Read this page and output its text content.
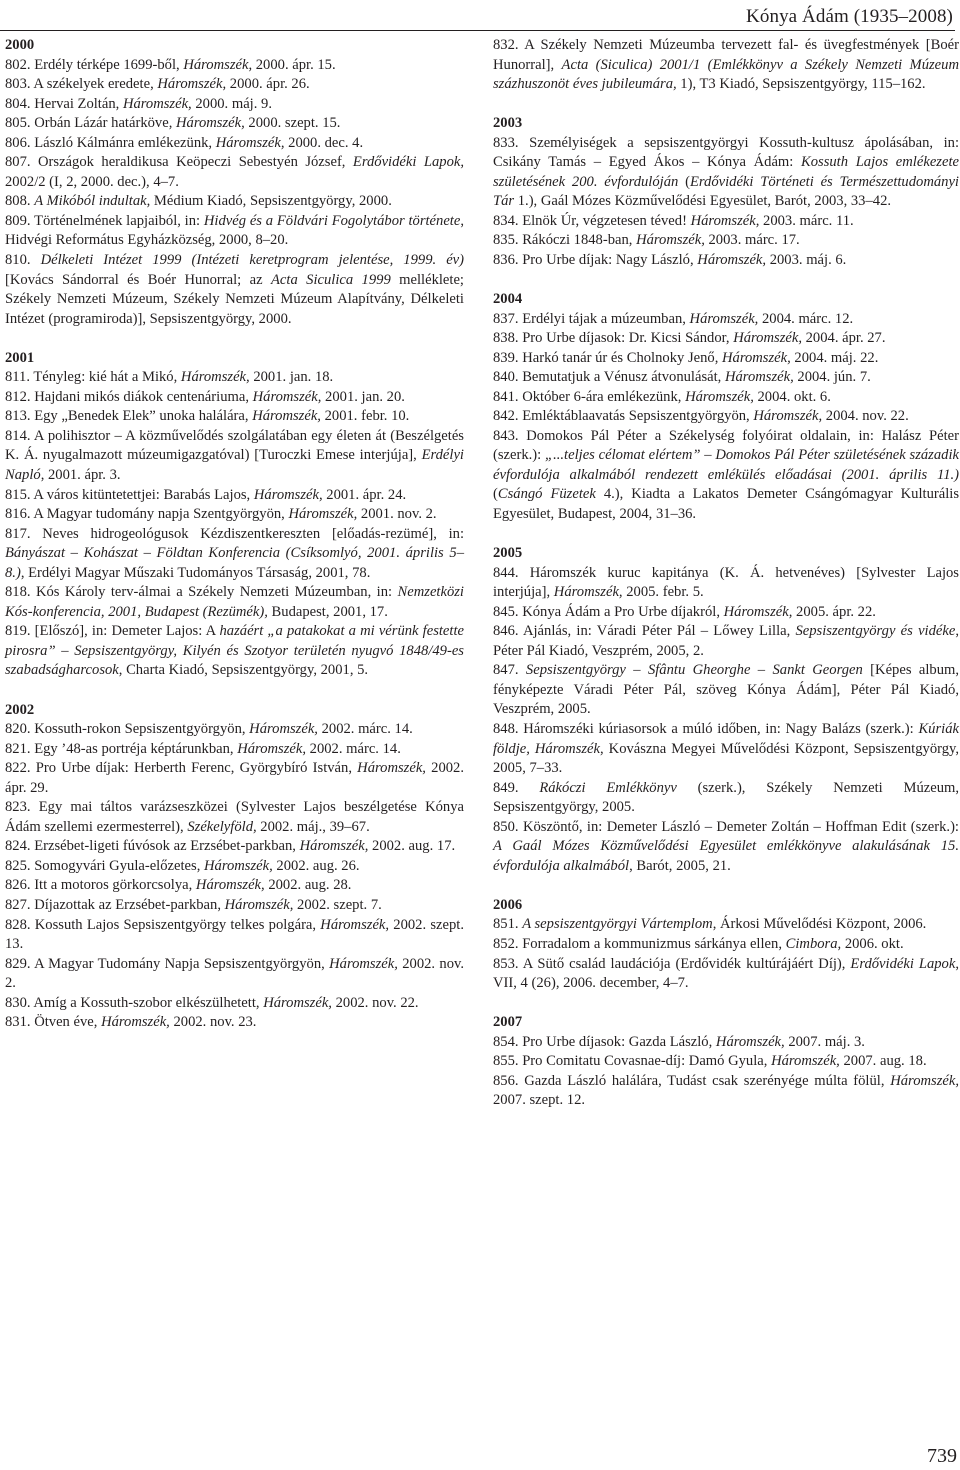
Kónya Ádám (1935–2008)
2000

802. Erdély térképe 1699-ből, Háromszék, 2000. ápr. 15.

803. A székelyek eredete, Háromszék, 2000. ápr. 26.

804. Hervai Zoltán, Háromszék, 2000. máj. 9.

805. Orbán Lázár határköve, Háromszék, 2000. szept. 15.

806. László Kálmánra emlékezünk, Háromszék, 2000. dec. 4.

807. Országok heraldikusa Keöpeczi Sebestyén József, Erdővidéki Lapok, 2002/2 (I, 2, 2000. dec.), 4–7.

808. A Mikóból indultak, Médium Kiadó, Sepsiszentgyörgy, 2000.

809. Történelmének lapjaiból, in: Hidvég és a Földvári Fogolytábor története, Hidvégi Református Egyházközség, 2000, 8–20.

810. Délkeleti Intézet 1999 (Intézeti keretprogram jelentése, 1999. év) [Kovács Sándorral és Boér Hunorral; az Acta Siculica 1999 melléklete; Székely Nemzeti Múzeum, Székely Nemzeti Múzeum Alapítvány, Délkeleti Intézet (programiroda)], Sepsiszentgyörgy, 2000.

2001

811. Tényleg: kié hát a Mikó, Háromszék, 2001. jan. 18.

812. Hajdani mikós diákok centenáriuma, Háromszék, 2001. jan. 20.

813. Egy „Benedek Elek” unoka halálára, Háromszék, 2001. febr. 10.

814. A polihisztor – A közművelődés szolgálatában egy életen át (Beszélgetés K. Á. nyugalmazott múzeumigazgatóval) [Turoczki Emese interjúja], Erdélyi Napló, 2001. ápr. 3.

815. A város kitüntetettjei: Barabás Lajos, Háromszék, 2001. ápr. 24.

816. A Magyar tudomány napja Szentgyörgyön, Háromszék, 2001. nov. 2.

817. Neves hidrogeológusok Kézdiszentkereszten [előadás-rezümé], in: Bányászat – Kohászat – Földtan Konferencia (Csíksomlyó, 2001. április 5–8.), Erdélyi Magyar Műszaki Tudományos Társaság, 2001, 78.

818. Kós Károly terv-álmai a Székely Nemzeti Múzeumban, in: Nemzetközi Kós-konferencia, 2001, Budapest (Rezümék), Budapest, 2001, 17.

819. [Előszó], in: Demeter Lajos: A hazáért „a patakokat a mi vérünk festette pirosra” – Sepsiszentgyörgy, Kilyén és Szotyor területén nyugvó 1848/49-es szabadságharcosok, Charta Kiadó, Sepsiszentgyörgy, 2001, 5.

2002

820. Kossuth-rokon Sepsiszentgyörgyön, Háromszék, 2002. márc. 14.

821. Egy ’48-as portréja képtárunkban, Háromszék, 2002. márc. 14.

822. Pro Urbe díjak: Herberth Ferenc, Györgybíró István, Háromszék, 2002. ápr. 29.

823. Egy mai táltos varázseszközei (Sylvester Lajos beszélgetése Kónya Ádám szellemi ezermesterrel), Székelyföld, 2002. máj., 39–67.

824. Erzsébet-ligeti fúvósok az Erzsébet-parkban, Háromszék, 2002. aug. 17.

825. Somogyvári Gyula-előzetes, Háromszék, 2002. aug. 26.

826. Itt a motoros görkorcsolya, Háromszék, 2002. aug. 28.

827. Díjazottak az Erzsébet-parkban, Háromszék, 2002. szept. 7.

828. Kossuth Lajos Sepsiszentgyörgy telkes polgára, Háromszék, 2002. szept. 13.

829. A Magyar Tudomány Napja Sepsiszentgyörgyön, Háromszék, 2002. nov. 2.

830. Amíg a Kossuth-szobor elkészülhetett, Háromszék, 2002. nov. 22.

831. Ötven éve, Háromszék, 2002. nov. 23.

832. A Székely Nemzeti Múzeumba tervezett fal- és üvegfestmények [Boér Hunorral], Acta (Siculica) 2001/1 (Emlékkönyv a Székely Nemzeti Múzeum százhuszonöt éves jubileumára, 1), T3 Kiadó, Sepsiszentgyörgy, 115–162.

2003

833. Személyiségek a sepsiszentgyörgyi Kossuth-kultusz ápolásában, in: Csikány Tamás – Egyed Ákos – Kónya Ádám: Kossuth Lajos emlékezete születésének 200. évfordulóján (Erdővidéki Történeti és Természettudományi Tár 1.), Gaál Mózes Közművelődési Egyesület, Barót, 2003, 33–42.

834. Elnök Úr, végzetesen téved! Háromszék, 2003. márc. 11.

835. Rákóczi 1848-ban, Háromszék, 2003. márc. 17.

836. Pro Urbe díjak: Nagy László, Háromszék, 2003. máj. 6.

2004

837. Erdélyi tájak a múzeumban, Háromszék, 2004. márc. 12.

838. Pro Urbe díjasok: Dr. Kicsi Sándor, Háromszék, 2004. ápr. 27.

839. Harkó tanár úr és Cholnoky Jenő, Háromszék, 2004. máj. 22.

840. Bemutatjuk a Vénusz átvonulását, Háromszék, 2004. jún. 7.

841. Október 6-ára emlékezünk, Háromszék, 2004. okt. 6.

842. Emléktáblaavatás Sepsiszentgyörgyön, Háromszék, 2004. nov. 22.

843. Domokos Pál Péter a Székelység folyóirat oldalain, in: Halász Péter (szerk.): „...teljes célomat elértem” – Domokos Pál Péter születésének századik évfordulója alkalmából rendezett emlékülés előadásai (2001. április 11.) (Csángó Füzetek 4.), Kiadta a Lakatos Demeter Csángómagyar Kulturális Egyesület, Budapest, 2004, 31–36.

2005

844. Háromszék kuruc kapitánya (K. Á. hetvenéves) [Sylvester Lajos interjúja], Háromszék, 2005. febr. 5.

845. Kónya Ádám a Pro Urbe díjakról, Háromszék, 2005. ápr. 22.

846. Ajánlás, in: Váradi Péter Pál – Lőwey Lilla, Sepsiszentgyörgy és vidéke, Péter Pál Kiadó, Veszprém, 2005, 2.

847. Sepsiszentgyörgy – Sfântu Gheorghe – Sankt Georgen [Képes album, fényképezte Váradi Péter Pál, szöveg Kónya Ádám], Péter Pál Kiadó, Veszprém, 2005.

848. Háromszéki kúriasorsok a múló időben, in: Nagy Balázs (szerk.): Kúriák földje, Háromszék, Kovászna Megyei Művelődési Központ, Sepsiszentgyörgy, 2005, 7–33.

849. Rákóczi Emlékkönyv (szerk.), Székely Nemzeti Múzeum, Sepsiszentgyörgy, 2005.

850. Köszöntő, in: Demeter László – Demeter Zoltán – Hoffman Edit (szerk.): A Gaál Mózes Közművelődési Egyesület emlékkönyve alakulásának 15. évfordulója alkalmából, Barót, 2005, 21.

2006

851. A sepsiszentgyörgyi Vártemplom, Árkosi Művelődési Központ, 2006.

852. Forradalom a kommunizmus sárkánya ellen, Cimbora, 2006. okt.

853. A Sütő család laudációja (Erdővidék kultúrájáért Díj), Erdővidéki Lapok, VII, 4 (26), 2006. december, 4–7.

2007

854. Pro Urbe díjasok: Gazda László, Háromszék, 2007. máj. 3.

855. Pro Comitatu Covasnae-díj: Damó Gyula, Háromszék, 2007. aug. 18.

856. Gazda László halálára, Tudást csak szerényége múlta fölül, Háromszék, 2007. szept. 12.

739
